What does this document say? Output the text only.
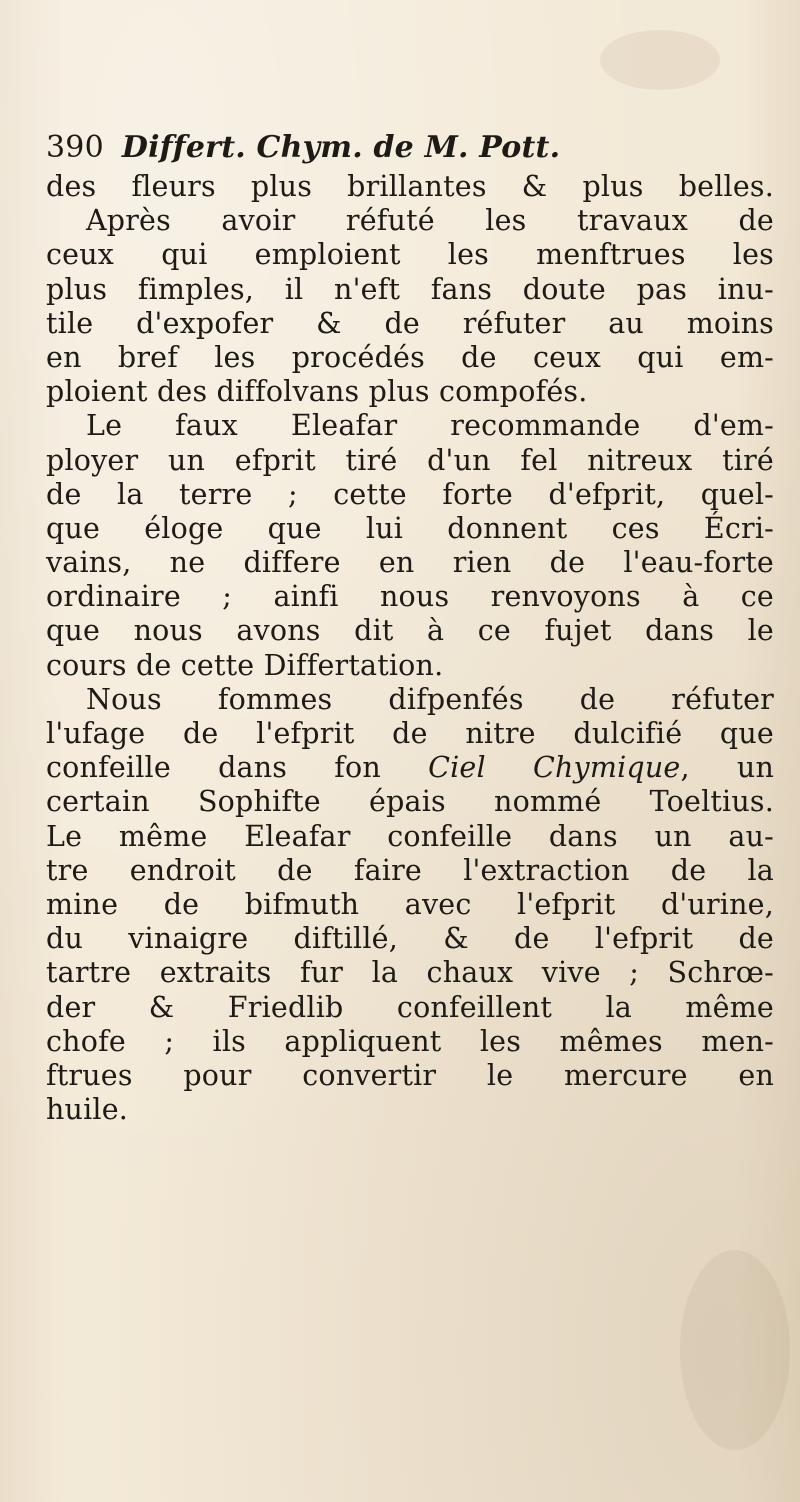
390 Differt. Chym. de M. Pott.
des fleurs plus brillantes & plus belles.
Après avoir réfuté les travaux de
ceux qui emploient les menftrues les
plus fimples, il n'eft fans doute pas inu-
tile d'expofer & de réfuter au moins
en bref les procédés de ceux qui em-
ploient des diffolvans plus compofés.
Le faux Eleafar recommande d'em-
ployer un efprit tiré d'un fel nitreux tiré
de la terre ; cette forte d'efprit, quel-
que éloge que lui donnent ces Écri-
vains, ne differe en rien de l'eau-forte
ordinaire ; ainfi nous renvoyons à ce
que nous avons dit à ce fujet dans le
cours de cette Differtation.
Nous fommes difpenfés de réfuter
l'ufage de l'efprit de nitre dulcifié que
confeille dans fon Ciel Chymique, un
certain Sophifte épais nommé Toeltius.
Le même Eleafar confeille dans un au-
tre endroit de faire l'extraction de la
mine de bifmuth avec l'efprit d'urine,
du vinaigre diftillé, & de l'efprit de
tartre extraits fur la chaux vive ; Schrœ-
der & Friedlib confeillent la même
chofe ; ils appliquent les mêmes men-
ftrues pour convertir le mercure en
huile.
